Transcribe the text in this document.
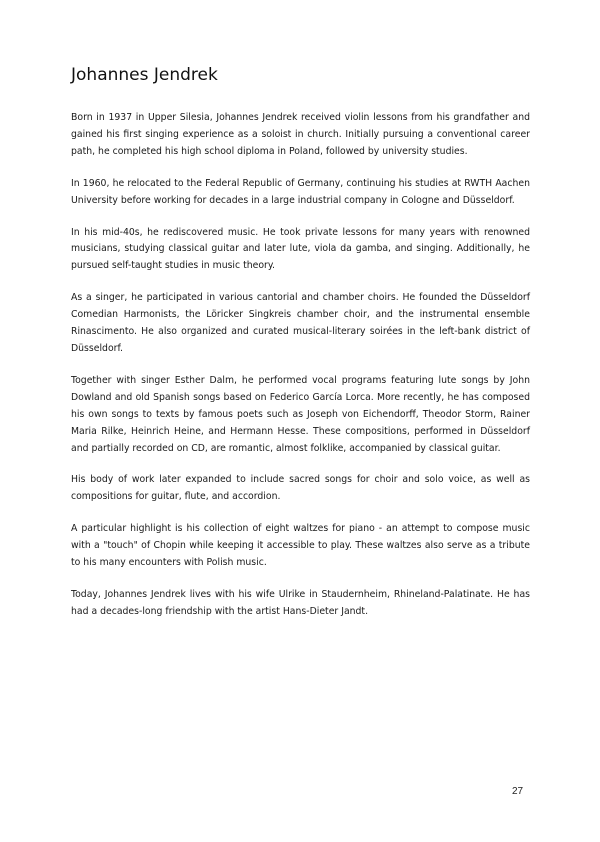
Johannes Jendrek

Born in 1937 in Upper Silesia, Johannes Jendrek received violin lessons from his grandfather and gained his first singing experience as a soloist in church. Initially pursuing a conventional career path, he completed his high school diploma in Poland, followed by university studies.

In 1960, he relocated to the Federal Republic of Germany, continuing his studies at RWTH Aachen University before working for decades in a large industrial company in Cologne and Düsseldorf.

In his mid-40s, he rediscovered music. He took private lessons for many years with renowned musicians, studying classical guitar and later lute, viola da gamba, and singing. Additionally, he pursued self-taught studies in music theory.

As a singer, he participated in various cantorial and chamber choirs. He founded the Düsseldorf Comedian Harmonists, the Löricker Singkreis chamber choir, and the instrumental ensemble Rinascimento. He also organized and curated musical-literary soirées in the left-bank district of Düsseldorf.

Together with singer Esther Dalm, he performed vocal programs featuring lute songs by John Dowland and old Spanish songs based on Federico García Lorca. More recently, he has composed his own songs to texts by famous poets such as Joseph von Eichendorff, Theodor Storm, Rainer Maria Rilke, Heinrich Heine, and Hermann Hesse. These compositions, performed in Düsseldorf and partially recorded on CD, are romantic, almost folklike, accompanied by classical guitar.

His body of work later expanded to include sacred songs for choir and solo voice, as well as compositions for guitar, flute, and accordion.

A particular highlight is his collection of eight waltzes for piano - an attempt to compose music with a "touch" of Chopin while keeping it accessible to play. These waltzes also serve as a tribute to his many encounters with Polish music.

Today, Johannes Jendrek lives with his wife Ulrike in Staudernheim, Rhineland-Palatinate. He has had a decades-long friendship with the artist Hans-Dieter Jandt.

27
